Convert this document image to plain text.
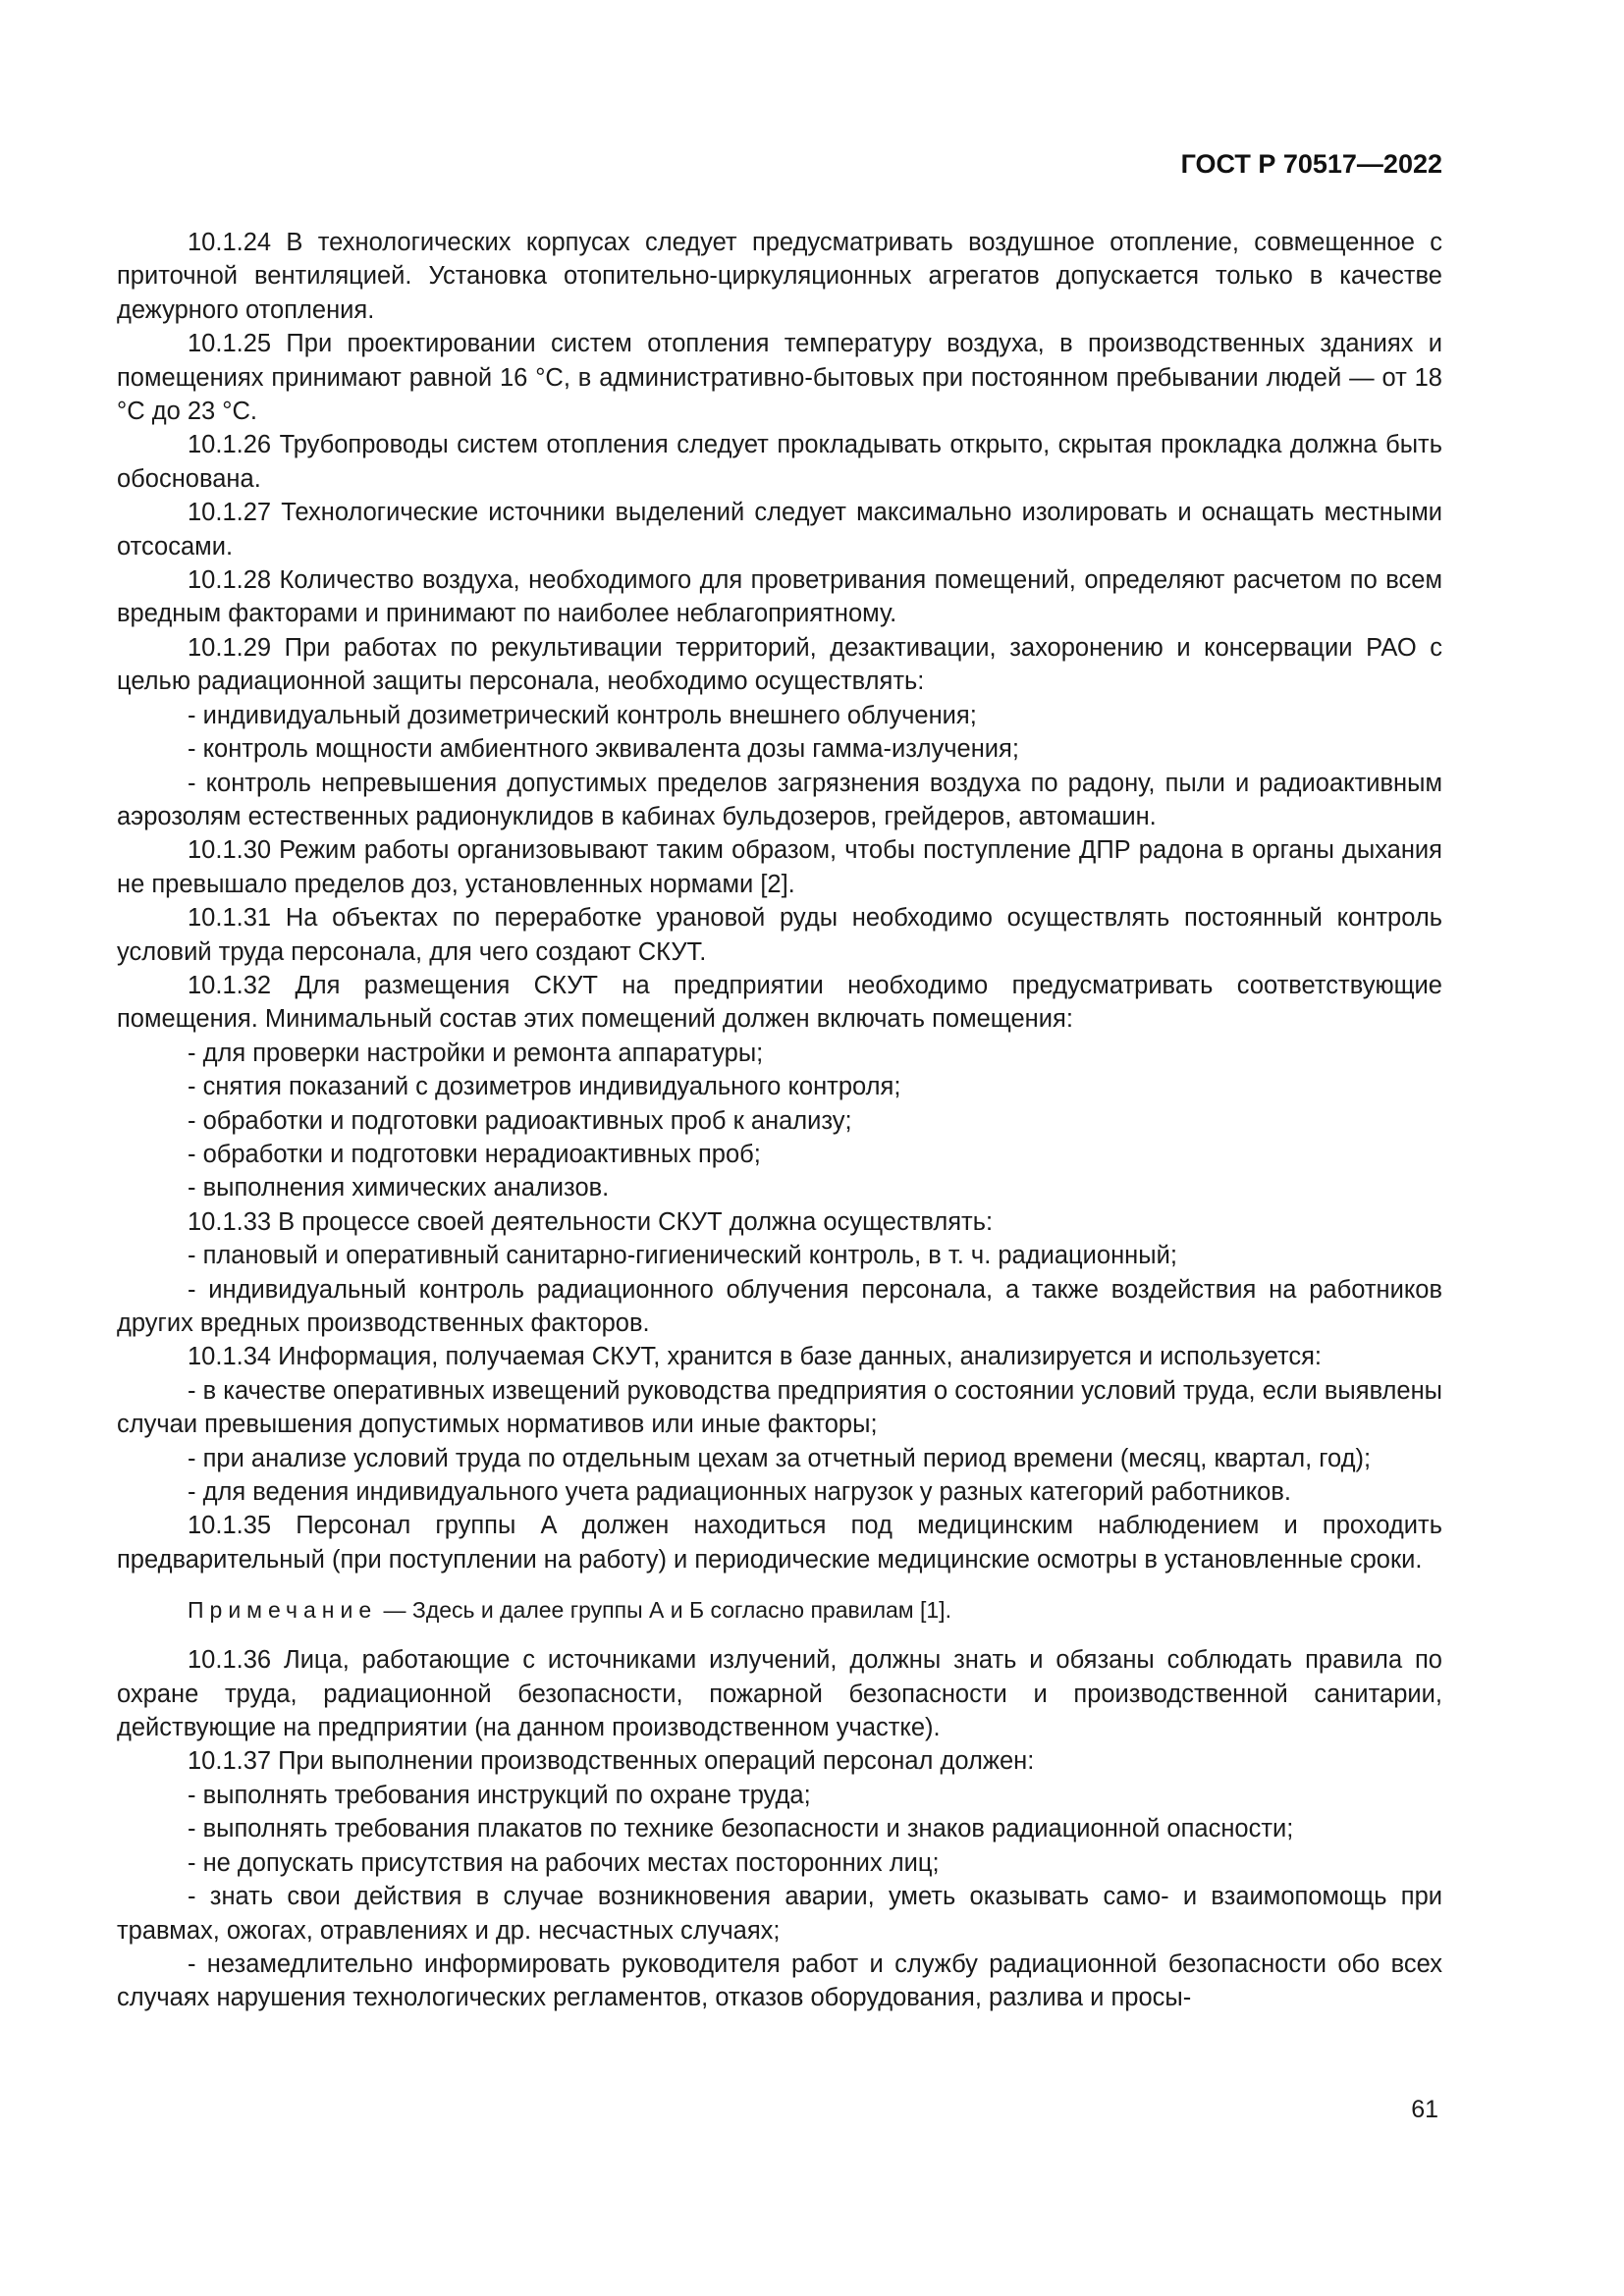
ГОСТ Р 70517—2022

10.1.24 В технологических корпусах следует предусматривать воздушное отопление, совмещенное с приточной вентиляцией. Установка отопительно-циркуляционных агрегатов допускается только в качестве дежурного отопления.

10.1.25 При проектировании систем отопления температуру воздуха, в производственных зданиях и помещениях принимают равной 16 °С, в административно-бытовых при постоянном пребывании людей — от 18 °С до 23 °С.

10.1.26 Трубопроводы систем отопления следует прокладывать открыто, скрытая прокладка должна быть обоснована.

10.1.27 Технологические источники выделений следует максимально изолировать и оснащать местными отсосами.

10.1.28 Количество воздуха, необходимого для проветривания помещений, определяют расчетом по всем вредным факторами и принимают по наиболее неблагоприятному.

10.1.29 При работах по рекультивации территорий, дезактивации, захоронению и консервации РАО с целью радиационной защиты персонала, необходимо осуществлять:

- индивидуальный дозиметрический контроль внешнего облучения;

- контроль мощности амбиентного эквивалента дозы гамма-излучения;

- контроль непревышения допустимых пределов загрязнения воздуха по радону, пыли и радиоактивным аэрозолям естественных радионуклидов в кабинах бульдозеров, грейдеров, автомашин.

10.1.30 Режим работы организовывают таким образом, чтобы поступление ДПР радона в органы дыхания не превышало пределов доз, установленных нормами [2].

10.1.31 На объектах по переработке урановой руды необходимо осуществлять постоянный контроль условий труда персонала, для чего создают СКУТ.

10.1.32 Для размещения СКУТ на предприятии необходимо предусматривать соответствующие помещения. Минимальный состав этих помещений должен включать помещения:

- для проверки настройки и ремонта аппаратуры;

- снятия показаний с дозиметров индивидуального контроля;

- обработки и подготовки радиоактивных проб к анализу;

- обработки и подготовки нерадиоактивных проб;

- выполнения химических анализов.

10.1.33 В процессе своей деятельности СКУТ должна осуществлять:

- плановый и оперативный санитарно-гигиенический контроль, в т. ч. радиационный;

- индивидуальный контроль радиационного облучения персонала, а также воздействия на работников других вредных производственных факторов.

10.1.34 Информация, получаемая СКУТ, хранится в базе данных, анализируется и используется:

- в качестве оперативных извещений руководства предприятия о состоянии условий труда, если выявлены случаи превышения допустимых нормативов или иные факторы;

- при анализе условий труда по отдельным цехам за отчетный период времени (месяц, квартал, год);

- для ведения индивидуального учета радиационных нагрузок у разных категорий работников.

10.1.35 Персонал группы А должен находиться под медицинским наблюдением и проходить предварительный (при поступлении на работу) и периодические медицинские осмотры в установленные сроки.

Примечание — Здесь и далее группы А и Б согласно правилам [1].

10.1.36 Лица, работающие с источниками излучений, должны знать и обязаны соблюдать правила по охране труда, радиационной безопасности, пожарной безопасности и производственной санитарии, действующие на предприятии (на данном производственном участке).

10.1.37 При выполнении производственных операций персонал должен:

- выполнять требования инструкций по охране труда;

- выполнять требования плакатов по технике безопасности и знаков радиационной опасности;

- не допускать присутствия на рабочих местах посторонних лиц;

- знать свои действия в случае возникновения аварии, уметь оказывать само- и взаимопомощь при травмах, ожогах, отравлениях и др. несчастных случаях;

- незамедлительно информировать руководителя работ и службу радиационной безопасности обо всех случаях нарушения технологических регламентов, отказов оборудования, разлива и просы-

61
